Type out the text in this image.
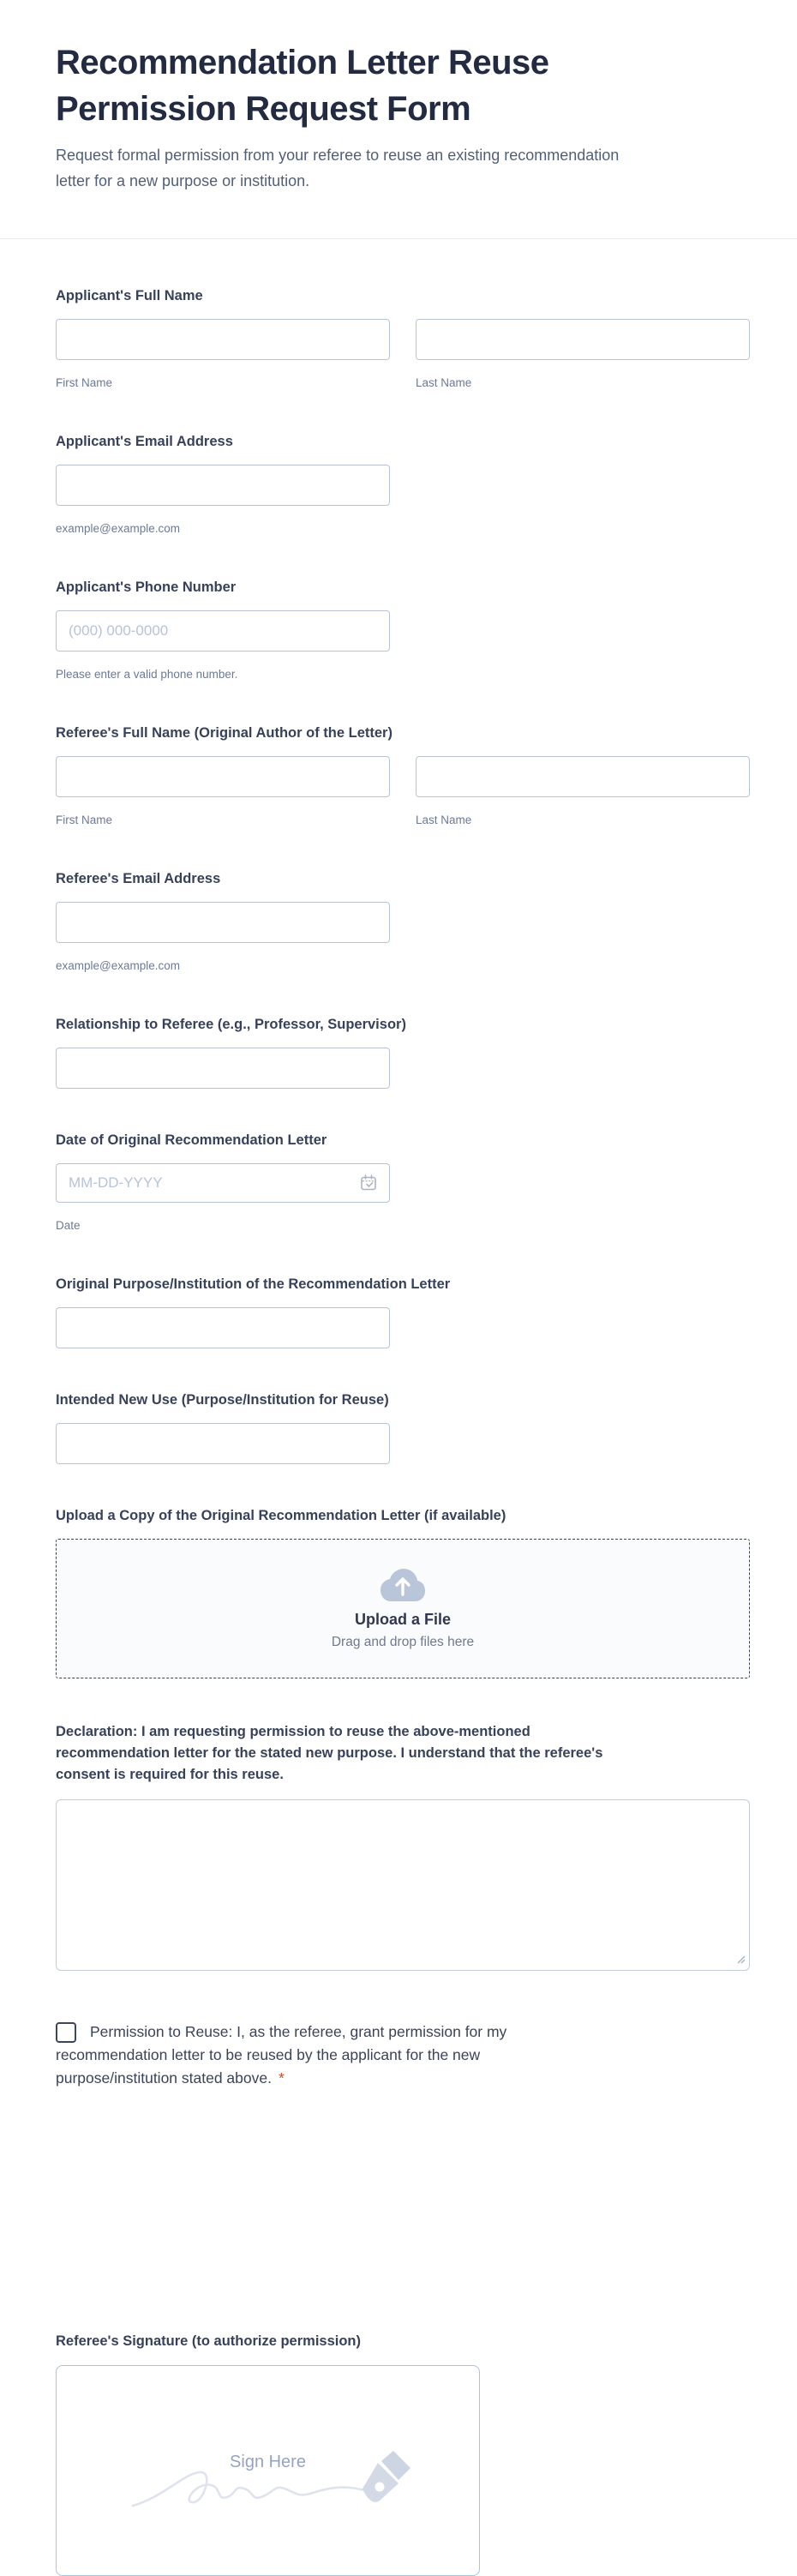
Recommendation Letter Reuse
Permission Request Form
Request formal permission from your referee to reuse an existing recommendation
letter for a new purpose or institution.
Applicant's Full Name
First Name	Last Name
Applicant's Email Address
example@example.com
Applicant's Phone Number
(000) 000-0000
Please enter a valid phone number.
Referee's Full Name (Original Author of the Letter)
First Name	Last Name
Referee's Email Address
example@example.com
Relationship to Referee (e.g., Professor, Supervisor)
Date of Original Recommendation Letter
MM-DD-YYYY
Date
Original Purpose/Institution of the Recommendation Letter
Intended New Use (Purpose/Institution for Reuse)
Upload a Copy of the Original Recommendation Letter (if available)
Upload a File
Drag and drop files here
Declaration: I am requesting permission to reuse the above-mentioned
recommendation letter for the stated new purpose. I understand that the referee's
consent is required for this reuse.
Permission to Reuse: I, as the referee, grant permission for my
recommendation letter to be reused by the applicant for the new
purpose/institution stated above. *
Referee's Signature (to authorize permission)
Sign Here
